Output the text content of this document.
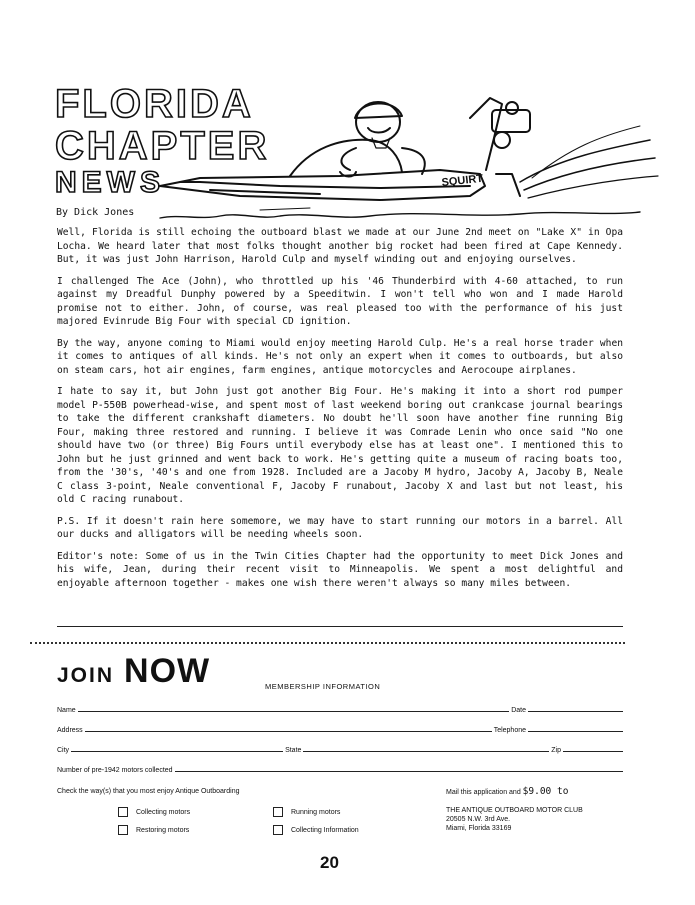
FLORIDA
CHAPTER
NEWS	SQUIRT
By Dick Jones

Well, Florida is still echoing the outboard blast we made at our June 2nd meet on "Lake X" in Opa Locha. We heard later that most folks thought another big rocket had been fired at Cape Kennedy. But, it was just John Harrison, Harold Culp and myself winding out and enjoying ourselves.

I challenged The Ace (John), who throttled up his '46 Thunderbird with 4-60 attached, to run against my Dreadful Dunphy powered by a Speeditwin. I won't tell who won and I made Harold promise not to either. John, of course, was real pleased too with the performance of his just majored Evinrude Big Four with special CD ignition.

By the way, anyone coming to Miami would enjoy meeting Harold Culp. He's a real horse trader when it comes to antiques of all kinds. He's not only an expert when it comes to outboards, but also on steam cars, hot air engines, farm engines, antique motorcycles and Aerocoupe airplanes.

I hate to say it, but John just got another Big Four. He's making it into a short rod pumper model P-550B powerhead-wise, and spent most of last weekend boring out crankcase journal bearings to take the different crankshaft diameters. No doubt he'll soon have another fine running Big Four, making three restored and running. I believe it was Comrade Lenin who once said "No one should have two (or three) Big Fours until everybody else has at least one". I mentioned this to John but he just grinned and went back to work. He's getting quite a museum of racing boats too, from the '30's, '40's and one from 1928. Included are a Jacoby M hydro, Jacoby A, Jacoby B, Neale C class 3-point, Neale conventional F, Jacoby F runabout, Jacoby X and last but not least, his old C racing runabout.

P.S. If it doesn't rain here somemore, we may have to start running our motors in a barrel. All our ducks and alligators will be needing wheels soon.

Editor's note: Some of us in the Twin Cities Chapter had the opportunity to meet Dick Jones and his wife, Jean, during their recent visit to Minneapolis. We spent a most delightful and enjoyable afternoon together - makes one wish there weren't always so many miles between.

JOIN NOW	MEMBERSHIP INFORMATION
Name	Date
Address	Telephone
City	State	Zip
Number of pre-1942 motors collected
Check the way(s) that you most enjoy Antique Outboarding
Collecting motors	Running motors
Restoring motors	Collecting Information
Mail this application and $9.00 to
THE ANTIQUE OUTBOARD MOTOR CLUB
20505 N.W. 3rd Ave.
Miami, Florida 33169
20
